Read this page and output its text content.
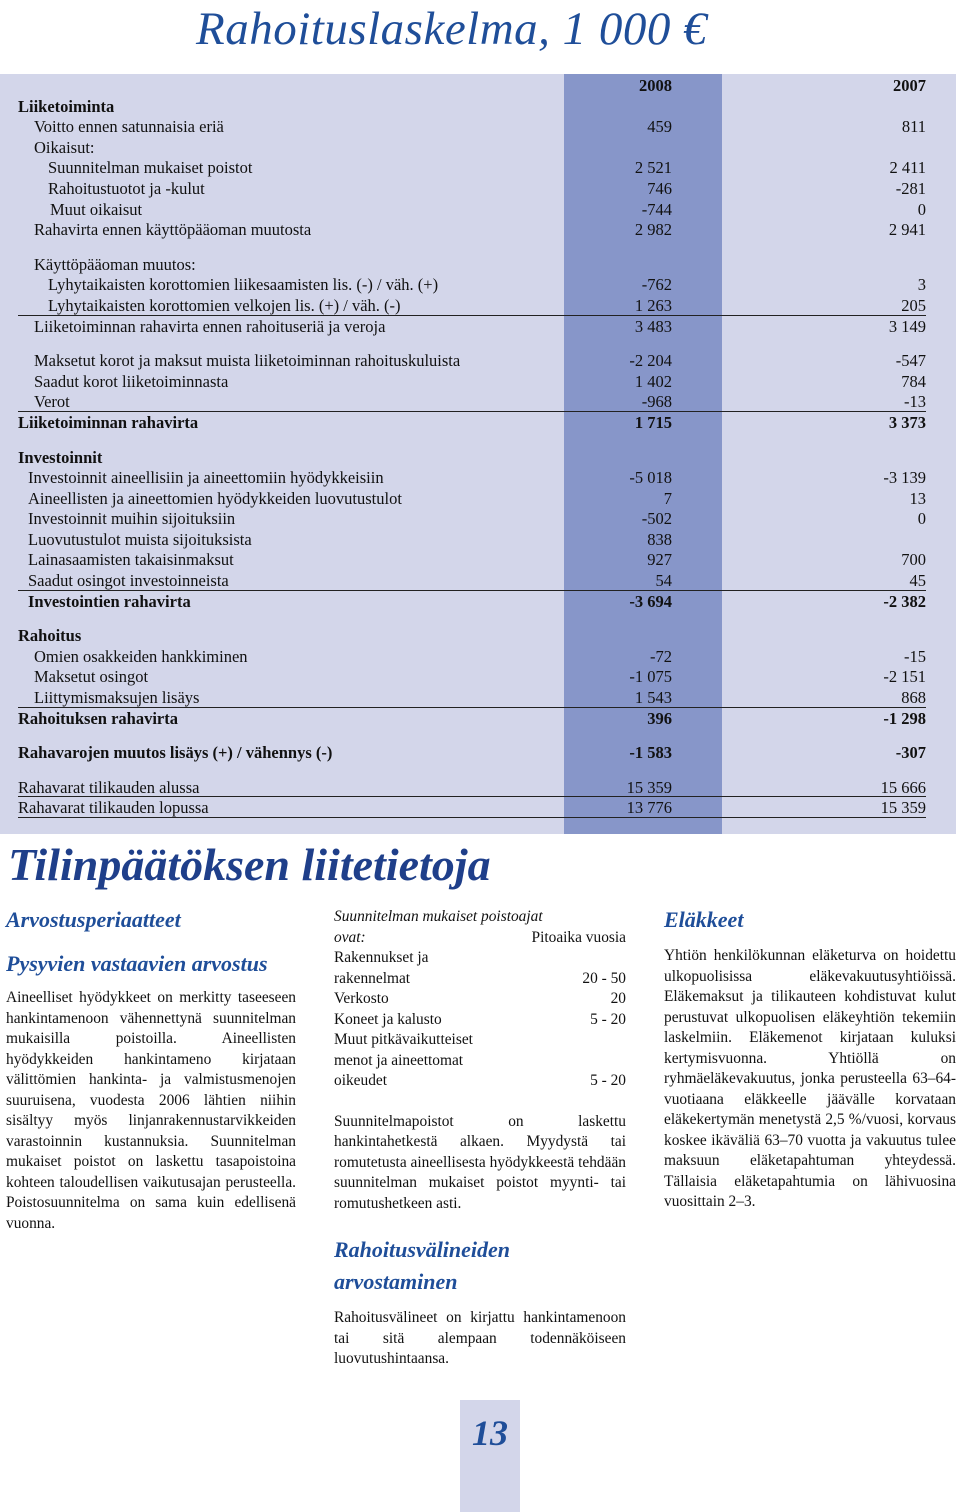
Rahoituslaskelma, 1 000 €
2008	2007
Liiketoiminta
Voitto ennen satunnaisia eriä	459	811
Oikaisut:
Suunnitelman mukaiset poistot	2 521	2 411
Rahoitustuotot ja -kulut	746	-281
Muut oikaisut	-744	0
Rahavirta ennen käyttöpääoman muutosta	2 982	2 941
Käyttöpääoman muutos:
Lyhytaikaisten korottomien liikesaamisten lis. (-) / väh. (+)	-762	3
Lyhytaikaisten korottomien velkojen lis. (+) / väh. (-)	1 263	205
Liiketoiminnan rahavirta ennen rahoituseriä ja veroja	3 483	3 149
Maksetut korot ja maksut muista liiketoiminnan rahoituskuluista	-2 204	-547
Saadut korot liiketoiminnasta	1 402	784
Verot	-968	-13
Liiketoiminnan rahavirta	1 715	3 373
Investoinnit
Investoinnit aineellisiin ja aineettomiin hyödykkeisiin	-5 018	-3 139
Aineellisten ja aineettomien hyödykkeiden luovutustulot	7	13
Investoinnit muihin sijoituksiin	-502	0
Luovutustulot muista sijoituksista	838
Lainasaamisten takaisinmaksut	927	700
Saadut osingot investoinneista	54	45
Investointien rahavirta	-3 694	-2 382
Rahoitus
Omien osakkeiden hankkiminen	-72	-15
Maksetut osingot	-1 075	-2 151
Liittymismaksujen lisäys	1 543	868
Rahoituksen rahavirta	396	-1 298
Rahavarojen muutos lisäys (+) / vähennys (-)	-1 583	-307
Rahavarat tilikauden alussa	15 359	15 666
Rahavarat tilikauden lopussa	13 776	15 359
Tilinpäätöksen liitetietoja

Arvostusperiaatteet

Pysyvien vastaavien arvostus

Aineelliset hyödykkeet on merkitty taseeseen hankintamenoon vähennettynä suunnitelman mukaisilla poistoilla. Aineellisten hyödykkeiden hankintameno kirjataan välittömien hankinta- ja valmistusmenojen suuruisena, vuodesta 2006 lähtien niihin sisältyy myös linjanrakennustarvikkeiden varastoinnin kustannuksia. Suunnitelman mukaiset poistot on laskettu tasapoistoina kohteen taloudellisen vaikutusajan perusteella. Poistosuunnitelma on sama kuin edellisenä vuonna.

Suunnitelman mukaiset poistoajat ovat:	Pitoaika vuosia
Rakennukset ja
rakennelmat	20 - 50
Verkosto	20
Koneet ja kalusto	5 - 20
Muut pitkävaikutteiset
menot ja aineettomat
oikeudet	5 - 20

Suunnitelmapoistot on laskettu hankintahetkestä alkaen. Myydystä tai romutetusta aineellisesta hyödykkeestä tehdään suunnitelman mukaiset poistot myynti- tai romutushetkeen asti.

Rahoitusvälineiden arvostaminen

Rahoitusvälineet on kirjattu hankintamenoon tai sitä alempaan todennäköiseen luovutushintaansa.

Eläkkeet

Yhtiön henkilökunnan eläketurva on hoidettu ulkopuolisissa eläkevakuutusyhtiöissä. Eläkemaksut ja tilikauteen kohdistuvat kulut perustuvat ulkopuolisen eläkeyhtiön tekemiin laskelmiin. Eläkemenot kirjataan kuluksi kertymisvuonna. Yhtiöllä on ryhmäeläkevakuutus, jonka perusteella 63–64-vuotiaana eläkkeelle jäävälle korvataan eläkekertymän menetystä 2,5 %/vuosi, korvaus koskee ikäväliä 63–70 vuotta ja vakuutus tulee maksuun eläketapahtuman yhteydessä. Tällaisia eläketapahtumia on lähivuosina vuosittain 2–3.

13
